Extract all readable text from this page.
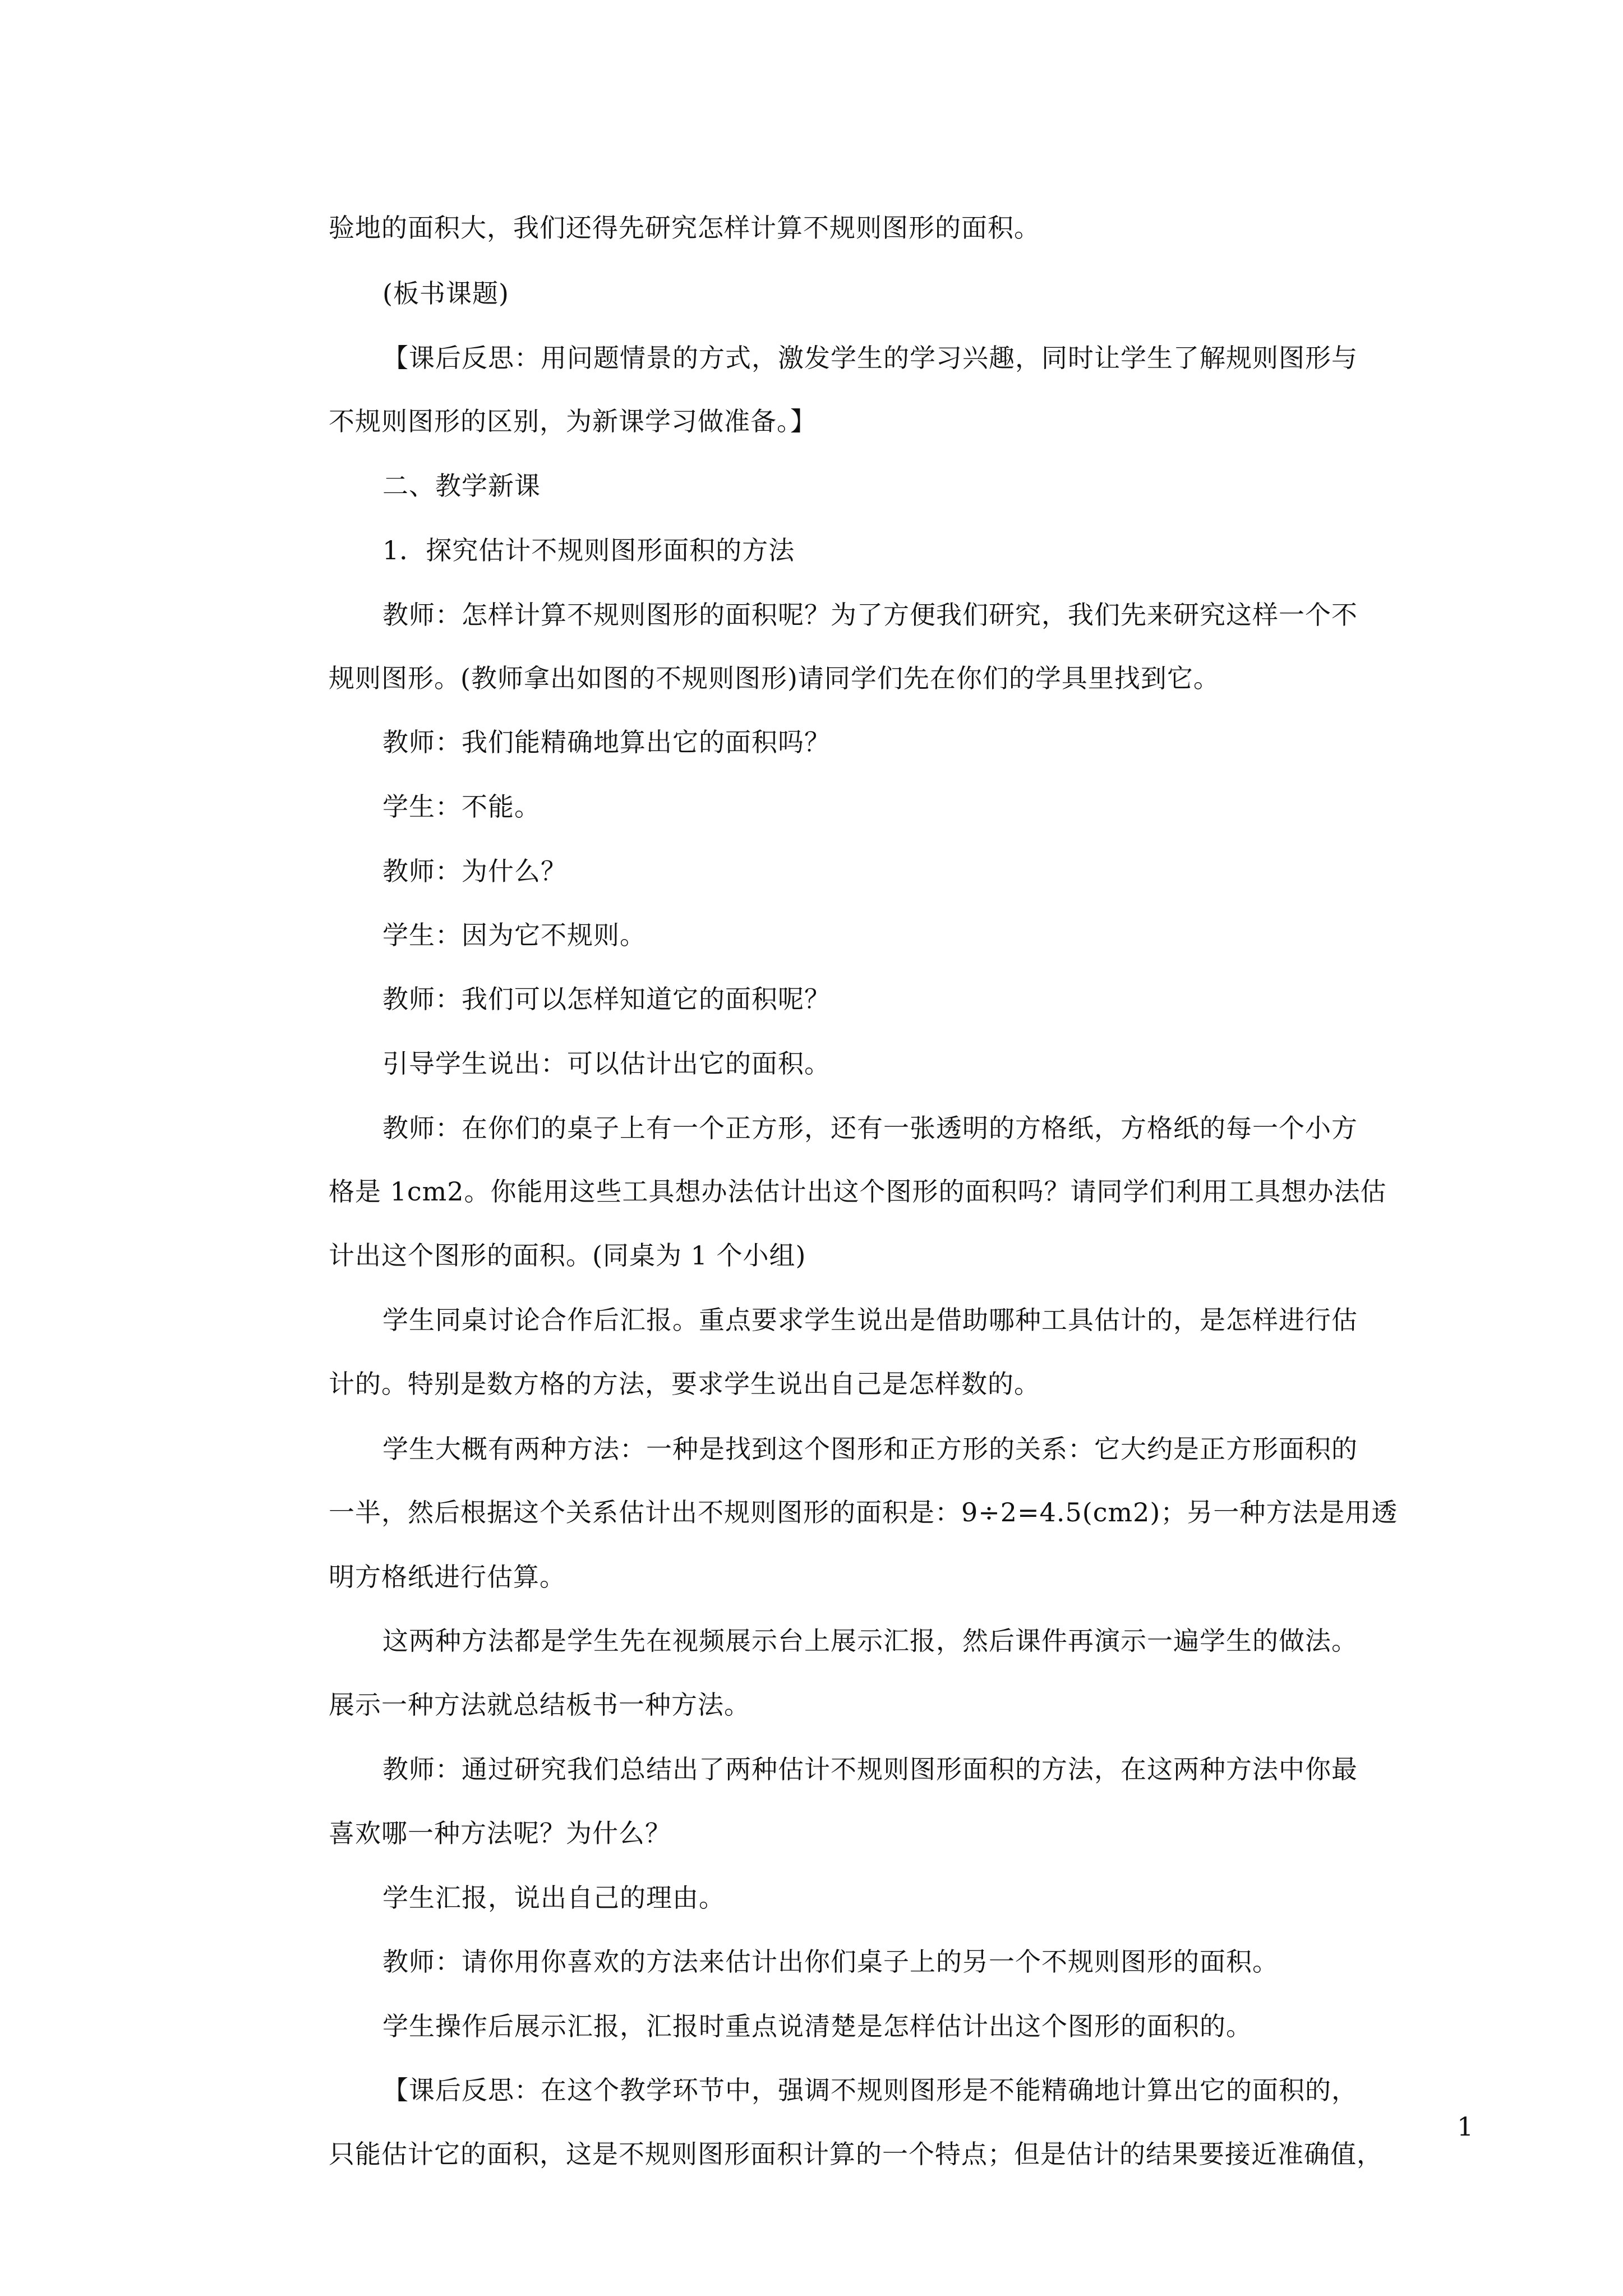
验地的面积大，我们还得先研究怎样计算不规则图形的面积。

(板书课题)

【课后反思：用问题情景的方式，激发学生的学习兴趣，同时让学生了解规则图形与

不规则图形的区别，为新课学习做准备。】

二、教学新课

1．探究估计不规则图形面积的方法

教师：怎样计算不规则图形的面积呢？为了方便我们研究，我们先来研究这样一个不

规则图形。(教师拿出如图的不规则图形)请同学们先在你们的学具里找到它。

教师：我们能精确地算出它的面积吗？

学生：不能。

教师：为什么？

学生：因为它不规则。

教师：我们可以怎样知道它的面积呢？

引导学生说出：可以估计出它的面积。

教师：在你们的桌子上有一个正方形，还有一张透明的方格纸，方格纸的每一个小方

格是 1cm2。你能用这些工具想办法估计出这个图形的面积吗？请同学们利用工具想办法估

计出这个图形的面积。(同桌为 1 个小组)

学生同桌讨论合作后汇报。重点要求学生说出是借助哪种工具估计的，是怎样进行估

计的。特别是数方格的方法，要求学生说出自己是怎样数的。

学生大概有两种方法：一种是找到这个图形和正方形的关系：它大约是正方形面积的

一半，然后根据这个关系估计出不规则图形的面积是：9÷2=4.5(cm2)；另一种方法是用透

明方格纸进行估算。

这两种方法都是学生先在视频展示台上展示汇报，然后课件再演示一遍学生的做法。

展示一种方法就总结板书一种方法。

教师：通过研究我们总结出了两种估计不规则图形面积的方法，在这两种方法中你最

喜欢哪一种方法呢？为什么？

学生汇报，说出自己的理由。

教师：请你用你喜欢的方法来估计出你们桌子上的另一个不规则图形的面积。

学生操作后展示汇报，汇报时重点说清楚是怎样估计出这个图形的面积的。

【课后反思：在这个教学环节中，强调不规则图形是不能精确地计算出它的面积的，

只能估计它的面积，这是不规则图形面积计算的一个特点；但是估计的结果要接近准确值，

1
